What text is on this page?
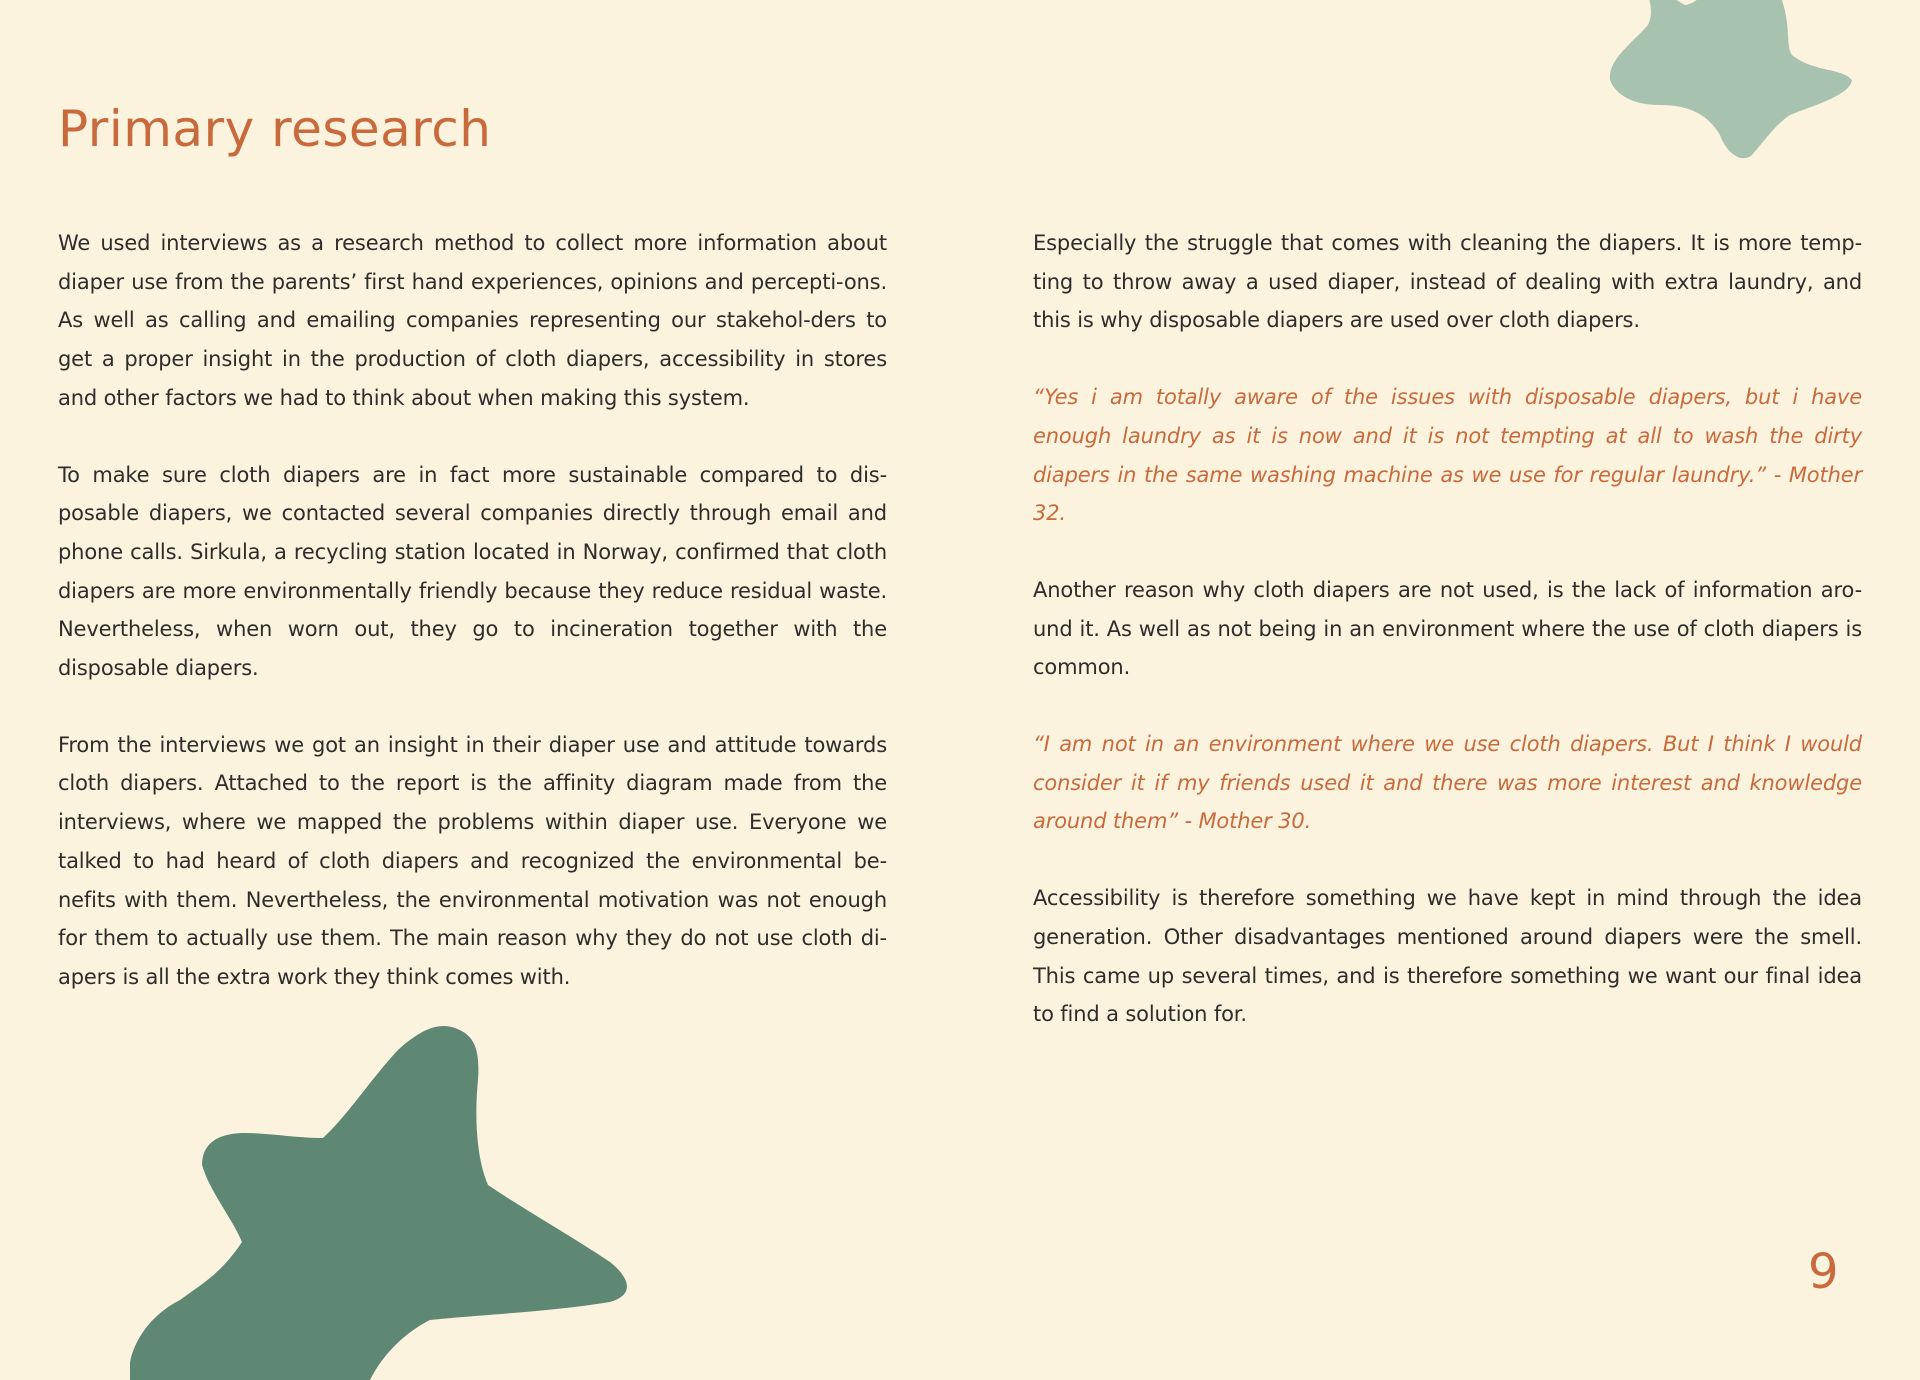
Primary research

We used interviews as a research method to collect more information about diaper use from the parents’ first hand experiences, opinions and percepti-ons. As well as calling and emailing companies representing our stakehol-ders to get a proper insight in the production of cloth diapers, accessibility in stores and other factors we had to think about when making this system.

To make sure cloth diapers are in fact more sustainable compared to dis-posable diapers, we contacted several companies directly through email and phone calls. Sirkula, a recycling station located in Norway, confirmed that cloth diapers are more environmentally friendly because they reduce residual waste. Nevertheless, when worn out, they go to incineration together with the disposable diapers.

From the interviews we got an insight in their diaper use and attitude towards cloth diapers. Attached to the report is the affinity diagram made from the interviews, where we mapped the problems within diaper use. Everyone we talked to had heard of cloth diapers and recognized the environmental be-nefits with them. Nevertheless, the environmental motivation was not enough for them to actually use them. The main reason why they do not use cloth di-apers is all the extra work they think comes with.

Especially the struggle that comes with cleaning the diapers. It is more temp-ting to throw away a used diaper, instead of dealing with extra laundry, and this is why disposable diapers are used over cloth diapers.

“Yes i am totally aware of the issues with disposable diapers, but i have enough laundry as it is now and it is not tempting at all to wash the dirty diapers in the same washing machine as we use for regular laundry.” - Mother 32.

Another reason why cloth diapers are not used, is the lack of information aro-und it. As well as not being in an environment where the use of cloth diapers is common.

“I am not in an environment where we use cloth diapers. But I think I would consider it if my friends used it and there was more interest and knowledge around them” - Mother 30.

Accessibility is therefore something we have kept in mind through the idea generation. Other disadvantages mentioned around diapers were the smell. This came up several times, and is therefore something we want our final idea to find a solution for.

9
